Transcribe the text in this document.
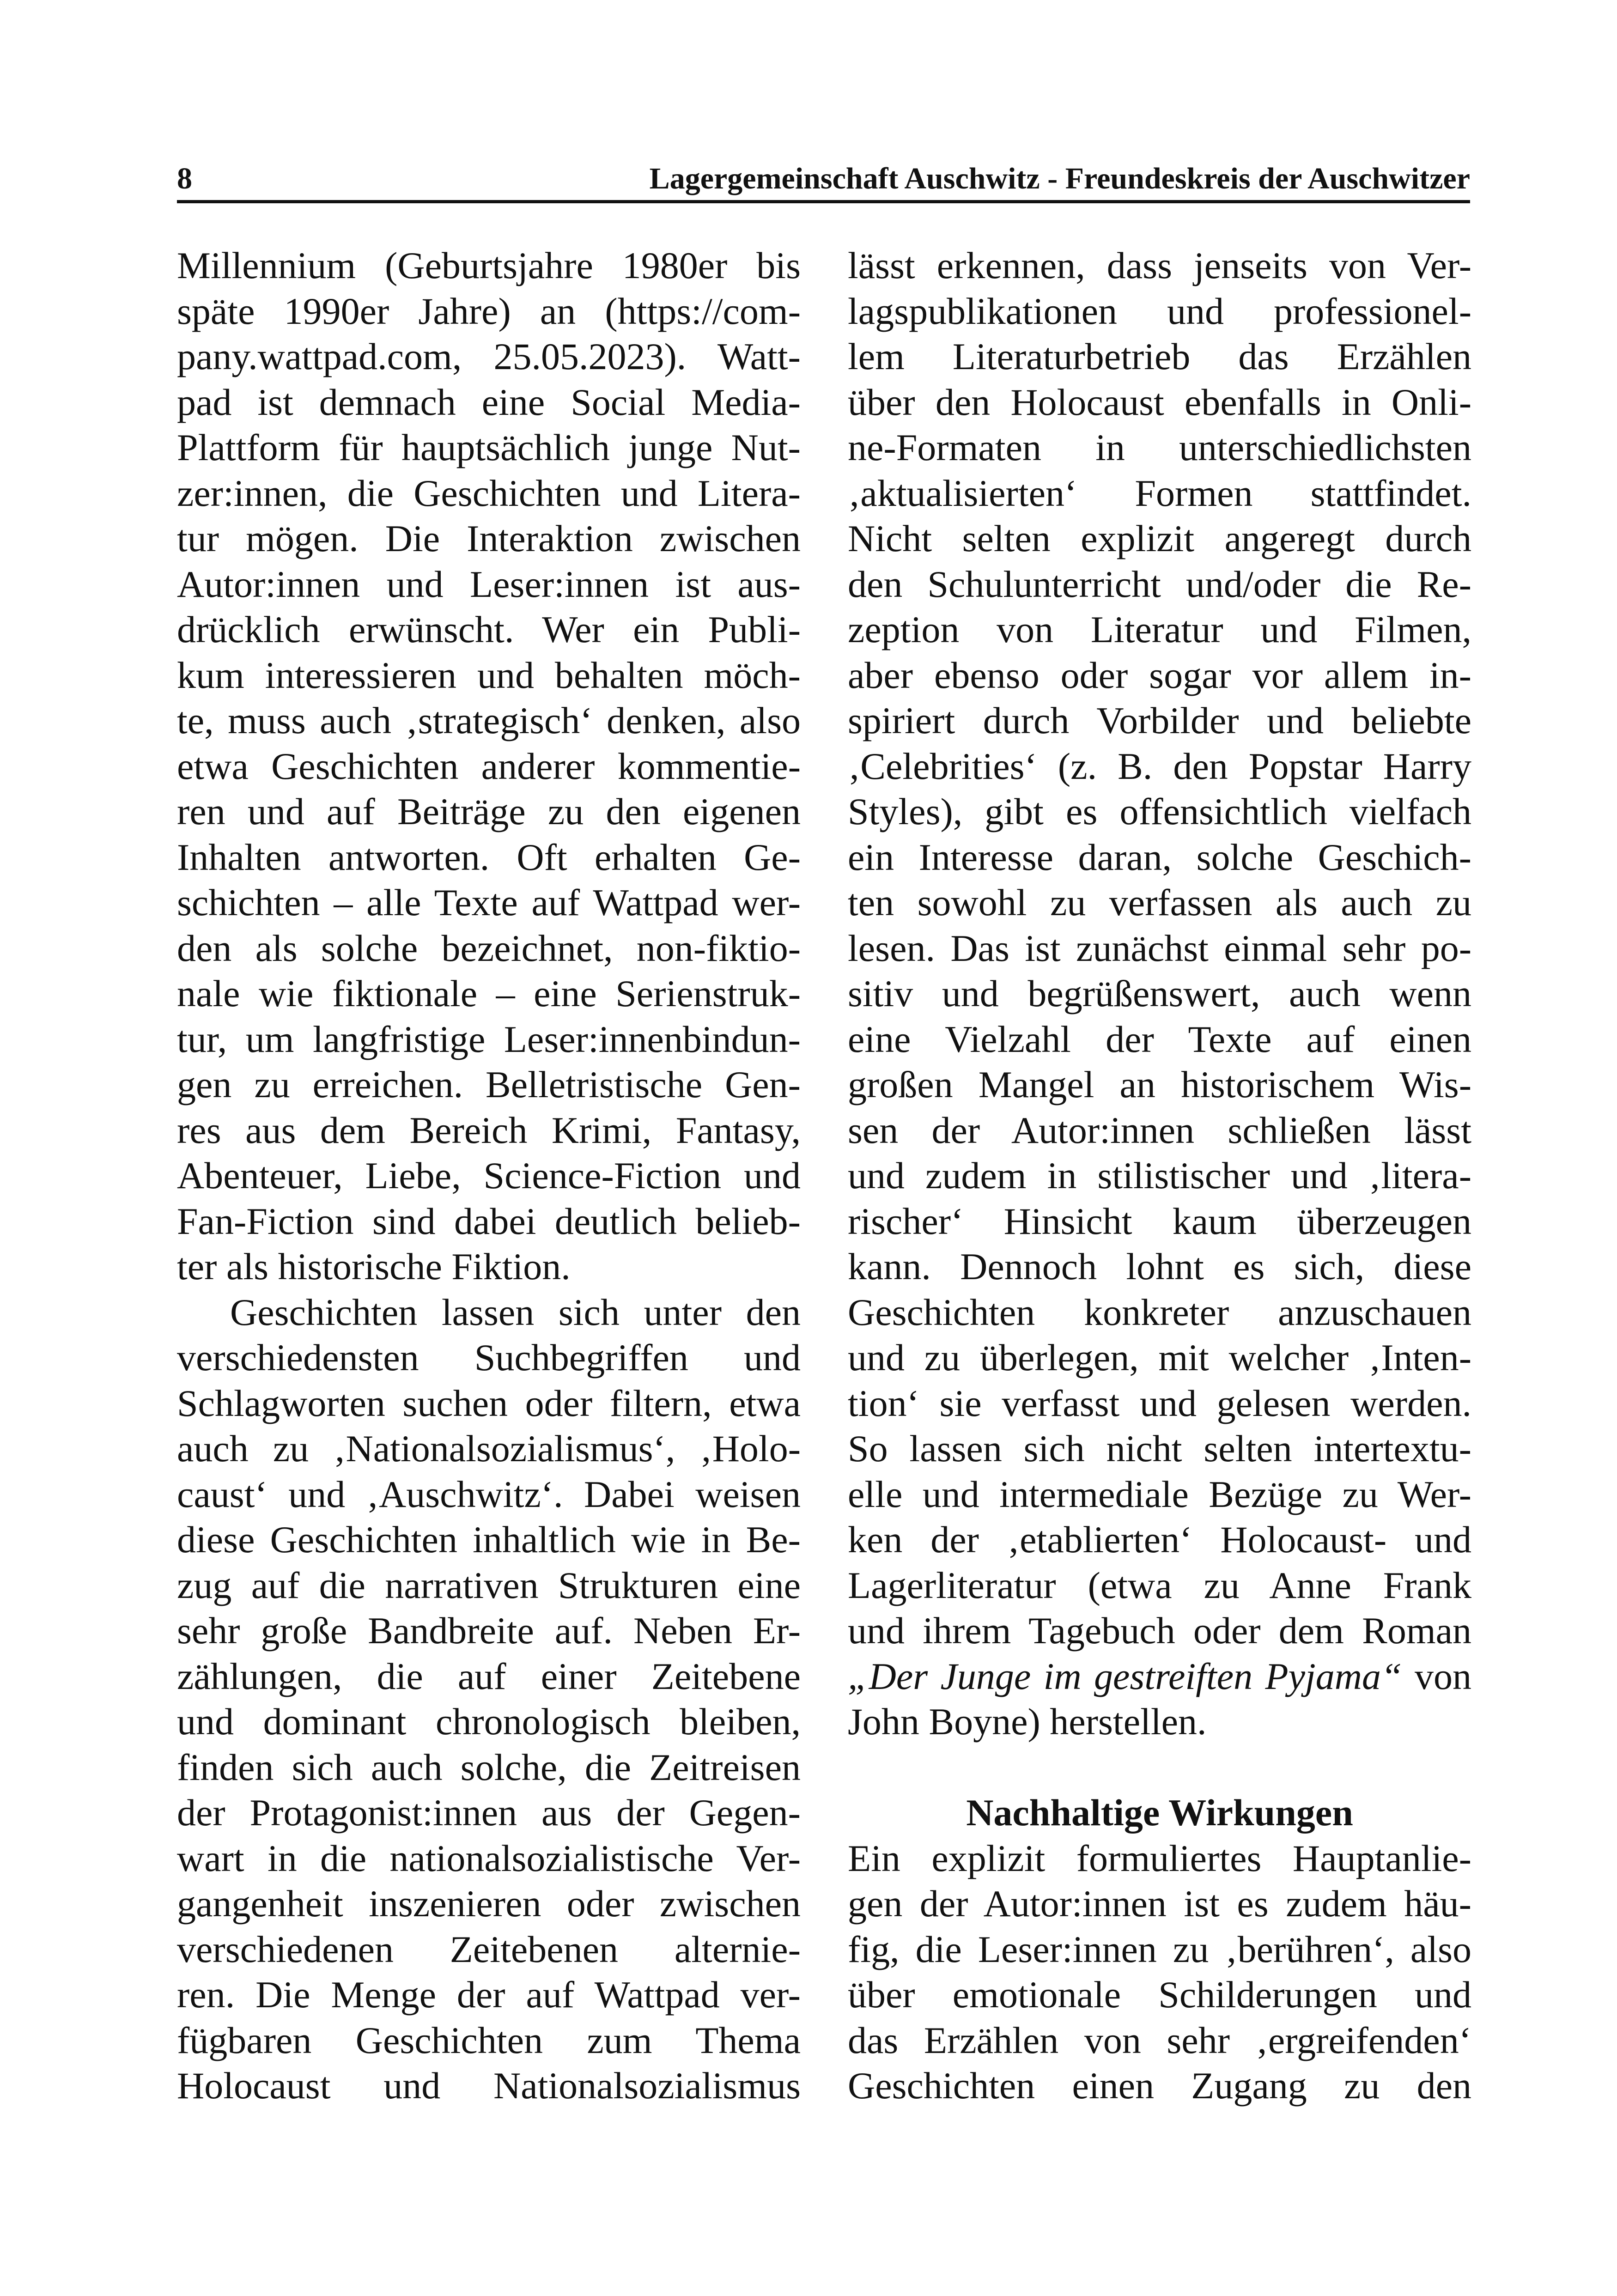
8	Lagergemeinschaft Auschwitz - Freundeskreis der Auschwitzer
Millennium (Geburtsjahre 1980er bis
späte 1990er Jahre) an (https://com-
pany.wattpad.com, 25.05.2023). Watt-
pad ist demnach eine Social Media-
Plattform für hauptsächlich junge Nut-
zer:innen, die Geschichten und Litera-
tur mögen. Die Interaktion zwischen
Autor:innen und Leser:innen ist aus-
drücklich erwünscht. Wer ein Publi-
kum interessieren und behalten möch-
te, muss auch ‚strategisch‘ denken, also
etwa Geschichten anderer kommentie-
ren und auf Beiträge zu den eigenen
Inhalten antworten. Oft erhalten Ge-
schichten – alle Texte auf Wattpad wer-
den als solche bezeichnet, non-fiktio-
nale wie fiktionale – eine Serienstruk-
tur, um langfristige Leser:innenbindun-
gen zu erreichen. Belletristische Gen-
res aus dem Bereich Krimi, Fantasy,
Abenteuer, Liebe, Science-Fiction und
Fan-Fiction sind dabei deutlich belieb-
ter als historische Fiktion.
Geschichten lassen sich unter den
verschiedensten Suchbegriffen und
Schlagworten suchen oder filtern, etwa
auch zu ‚Nationalsozialismus‘, ‚Holo-
caust‘ und ‚Auschwitz‘. Dabei weisen
diese Geschichten inhaltlich wie in Be-
zug auf die narrativen Strukturen eine
sehr große Bandbreite auf. Neben Er-
zählungen, die auf einer Zeitebene
und dominant chronologisch bleiben,
finden sich auch solche, die Zeitreisen
der Protagonist:innen aus der Gegen-
wart in die nationalsozialistische Ver-
gangenheit inszenieren oder zwischen
verschiedenen Zeitebenen alternie-
ren. Die Menge der auf Wattpad ver-
fügbaren Geschichten zum Thema
Holocaust und Nationalsozialismus
lässt erkennen, dass jenseits von Ver-
lagspublikationen und professionel-
lem Literaturbetrieb das Erzählen
über den Holocaust ebenfalls in Onli-
ne-Formaten in unterschiedlichsten
‚aktualisierten‘ Formen stattfindet.
Nicht selten explizit angeregt durch
den Schulunterricht und/oder die Re-
zeption von Literatur und Filmen,
aber ebenso oder sogar vor allem in-
spiriert durch Vorbilder und beliebte
‚Celebrities‘ (z. B. den Popstar Harry
Styles), gibt es offensichtlich vielfach
ein Interesse daran, solche Geschich-
ten sowohl zu verfassen als auch zu
lesen. Das ist zunächst einmal sehr po-
sitiv und begrüßenswert, auch wenn
eine Vielzahl der Texte auf einen
großen Mangel an historischem Wis-
sen der Autor:innen schließen lässt
und zudem in stilistischer und ‚litera-
rischer‘ Hinsicht kaum überzeugen
kann. Dennoch lohnt es sich, diese
Geschichten konkreter anzuschauen
und zu überlegen, mit welcher ‚Inten-
tion‘ sie verfasst und gelesen werden.
So lassen sich nicht selten intertextu-
elle und intermediale Bezüge zu Wer-
ken der ‚etablierten‘ Holocaust- und
Lagerliteratur (etwa zu Anne Frank
und ihrem Tagebuch oder dem Roman
„Der Junge im gestreiften Pyjama“ von
John Boyne) herstellen.
Nachhaltige Wirkungen
Ein explizit formuliertes Hauptanlie-
gen der Autor:innen ist es zudem häu-
fig, die Leser:innen zu ‚berühren‘, also
über emotionale Schilderungen und
das Erzählen von sehr ‚ergreifenden‘
Geschichten einen Zugang zu den
